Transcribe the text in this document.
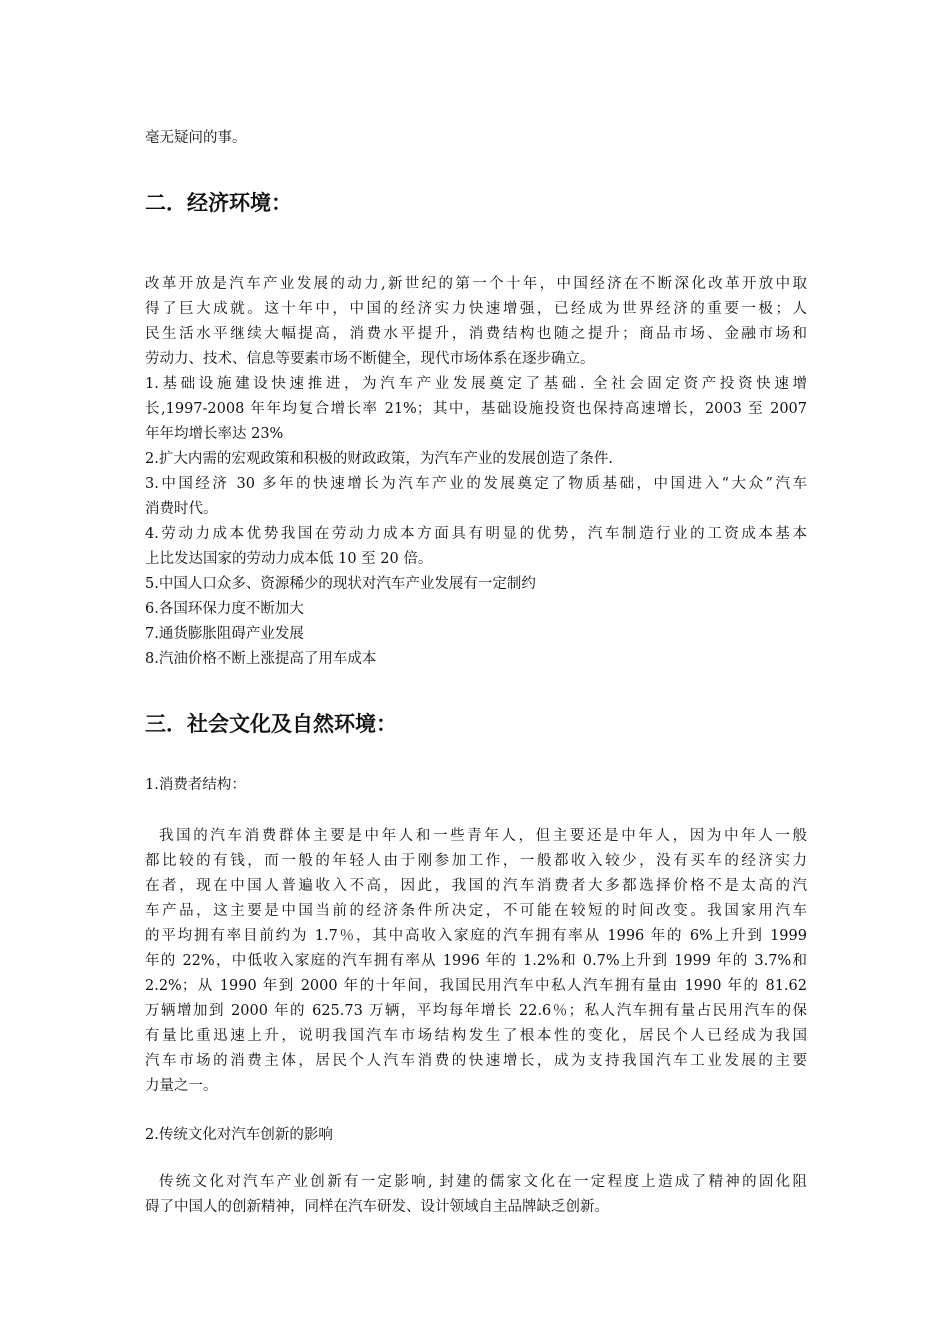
毫无疑问的事。

二．经济环境：
改革开放是汽车产业发展的动力,新世纪的第一个十年，中国经济在不断深化改革开放中取
得了巨大成就。这十年中，中国的经济实力快速增强，已经成为世界经济的重要一极；人
民生活水平继续大幅提高，消费水平提升，消费结构也随之提升；商品市场、金融市场和
劳动力、技术、信息等要素市场不断健全，现代市场体系在逐步确立。
1.基础设施建设快速推进，为汽车产业发展奠定了基础. 全社会固定资产投资快速增
长,1997-2008 年年均复合增长率 21%；其中，基础设施投资也保持高速增长，2003 至 2007
年年均增长率达 23%
2.扩大内需的宏观政策和积极的财政政策，为汽车产业的发展创造了条件.
3.中国经济 30 多年的快速增长为汽车产业的发展奠定了物质基础，中国进入“大众”汽车
消费时代。
4.劳动力成本优势我国在劳动力成本方面具有明显的优势，汽车制造行业的工资成本基本
上比发达国家的劳动力成本低 10 至 20 倍。
5.中国人口众多、资源稀少的现状对汽车产业发展有一定制约
6.各国环保力度不断加大
7.通货膨胀阻碍产业发展
8.汽油价格不断上涨提高了用车成本
三．社会文化及自然环境：

1.消费者结构：

我国的汽车消费群体主要是中年人和一些青年人，但主要还是中年人，因为中年人一般
都比较的有钱，而一般的年轻人由于刚参加工作，一般都收入较少，没有买车的经济实力
在者，现在中国人普遍收入不高，因此，我国的汽车消费者大多都选择价格不是太高的汽
车产品，这主要是中国当前的经济条件所决定，不可能在较短的时间改变。我国家用汽车
的平均拥有率目前约为 1.7％，其中高收入家庭的汽车拥有率从 1996 年的 6%上升到 1999
年的 22%，中低收入家庭的汽车拥有率从 1996 年的 1.2%和 0.7%上升到 1999 年的 3.7%和
2.2%；从 1990 年到 2000 年的十年间，我国民用汽车中私人汽车拥有量由 1990 年的 81.62
万辆增加到 2000 年的 625.73 万辆，平均每年增长 22.6％；私人汽车拥有量占民用汽车的保
有量比重迅速上升，说明我国汽车市场结构发生了根本性的变化，居民个人已经成为我国
汽车市场的消费主体，居民个人汽车消费的快速增长，成为支持我国汽车工业发展的主要
力量之一。

2.传统文化对汽车创新的影响

传统文化对汽车产业创新有一定影响, 封建的儒家文化在一定程度上造成了精神的固化阻
碍了中国人的创新精神，同样在汽车研发、设计领域自主品牌缺乏创新。
